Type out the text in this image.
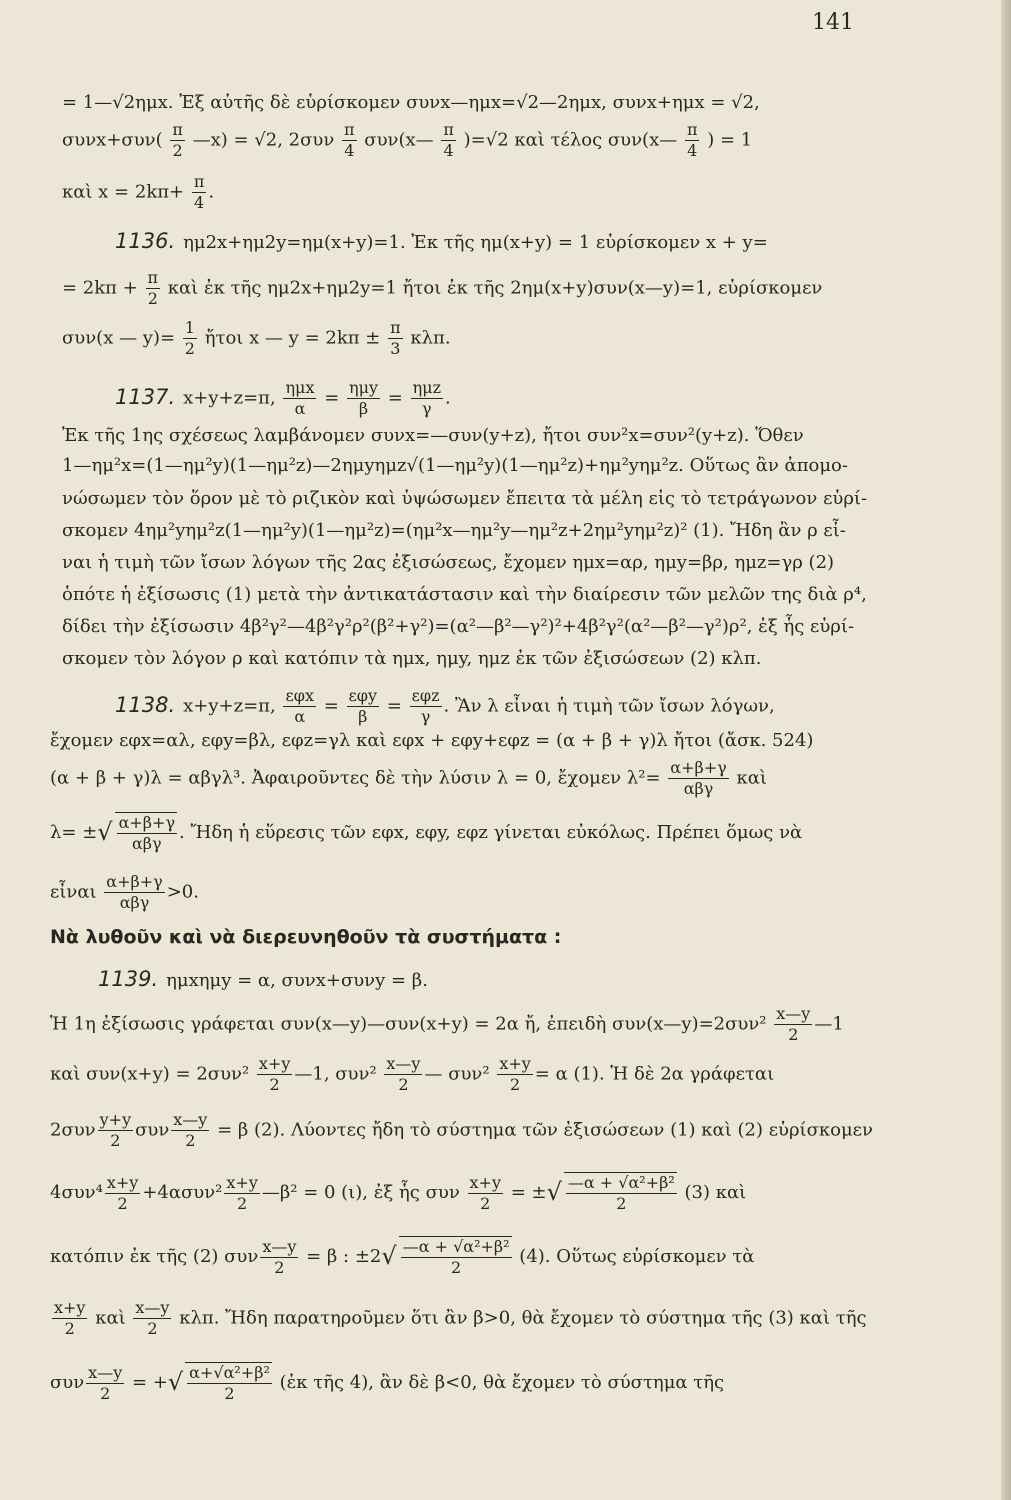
141
= 1—√2ημx. Ἐξ αὐτῆς δὲ εὑρίσκομεν συνx—ημx=√2—2ημx, συνx+ημx = √2,
$\sigma\upsilon\nu x+\sigma\upsilon\nu( \frac{\pi}{2}$ —x) = √2, $2\sigma\upsilon\nu \frac{\pi}{4}$ συν(x— $\frac{\pi}{4} )=√2$ καὶ τέλος συν(x— $\frac{\pi}{4}$ ) = 1
καὶ $x = 2k\pi+ \frac{\pi}{4}$ .
1136. ημ2x+ημ2y=ημ(x+y)=1. Ἐκ τῆς ημ(x+y) = 1 εὑρίσκομεν x + y=
= $2k\pi + \frac{\pi}{2}$ καὶ ἐκ τῆς ημ2x+ημ2y=1 ἤτοι ἐκ τῆς 2ημ(x+y)συν(x—y)=1, εὑρίσκομεν
συν(x — $y)= \frac{1}{2}$ ἤτοι x — $y = 2k\pi \pm \frac{\pi}{3} \kappa\lambda\pi$.
1137. x+y+z=π, ημx
α = ημy
β = ημz
γ .
Ἐκ τῆς 1ης σχέσεως λαμβάνομεν συνx=—συν(y+z), ἤτοι συν²x=συν²(y+z). Ὅθεν
1—ημ²x=(1—ημ²y)(1—ημ²z)—2ημyημz√(1—ημ²y)(1—ημ²z)+ημ²yημ²z. Οὕτως ἂν ἀπομο-
νώσωμεν τὸν ὅρον μὲ τὸ ριζικὸν καὶ ὑψώσωμεν ἔπειτα τὰ μέλη εἰς τὸ τετράγωνον εὑρί-
σκομεν 4ημ²yημ²z(1—ημ²y)(1—ημ²z)=(ημ²x—ημ²y—ημ²z+2ημ²yημ²z)² (1). Ἤδη ἂν ρ εἶ-
ναι ἡ τιμὴ τῶν ἴσων λόγων τῆς 2ας ἐξισώσεως, ἔχομεν ημx=αρ, ημy=βρ, ημz=γρ (2)
ὁπότε ἡ ἐξίσωσις (1) μετὰ τὴν ἀντικατάστασιν καὶ τὴν διαίρεσιν τῶν μελῶν της διὰ ρ⁴,
δίδει τὴν ἐξίσωσιν 4β²γ²—4β²γ²ρ²(β²+γ²)=(α²—β²—γ²)²+4β²γ²(α²—β²—γ²)ρ², ἐξ ἧς εὑρί-
σκομεν τὸν λόγον ρ καὶ κατόπιν τὰ ημx, ημy, ημz ἐκ τῶν ἐξισώσεων (2) κλπ.
1138. x+y+z=π, εφx
α = εφy
β = εφz
γ . Ἂν λ εἶναι ἡ τιμὴ τῶν ἴσων λόγων,
ἔχομεν εφx=αλ, εφy=βλ, εφz=γλ καὶ εφx + εφy+εφz = (α + β + γ)λ ἤτοι (ἄσκ. 524)
(α + β + γ)λ = αβγλ³. Ἀφαιροῦντες δὲ τὴν λύσιν λ = 0, ἔχομεν λ²= α+β+γ
αβγ	καὶ
λ= ±√ α+β+γ
αβγ
. Ἤδη ἡ εὕρεσις τῶν εφx, εφy, εφz γίνεται εὐκόλως. Πρέπει ὅμως νὰ
εἶναι α+β+γ
αβγ >0.
Νὰ λυθοῦν καὶ νὰ διερευνηθοῦν τὰ συστήματα :
1139. ημxημy = α, συνx+συνy = β.
Ἡ 1η ἐξίσωσις γράφεται συν(x—y)—συν(x+y) = 2α ἤ, ἐπειδὴ συν(x—y)=2συν² $\frac{x—y}{2}$ —1
καὶ $\sigma\upsilon\nu(x+y) = 2\sigma\upsilon\nu^2 \frac{x+y}{2}$ —1, $\sigma\upsilon\nu^2 \frac{x—y}{2}$ — $\sigma\upsilon\nu^2 \frac{x+y}{2} = \alpha$ (1). Ἡ δὲ 2α γράφεται
$2\sigma\upsilon\nu \frac{y+y}{2}$ συν $\frac{x—y}{2} = \beta$ (2). Λύοντες ἤδη τὸ σύστημα τῶν ἐξισώσεων (1) καὶ (2) εὑρίσκομεν
$4\sigma\upsilon\nu^4 \frac{x+y}{2} +4\alpha\sigma\upsilon\nu^2 \frac{x+y}{2}$ —β² = 0 (ι), ἐξ ἧς συν $\frac{x+y}{2}$ = ±√ $\frac{\text{—α + √α²+β²}}{2} (3)$ καὶ
κατόπιν ἐκ τῆς (2) συν $\frac{x—y}{2} = \beta$ : $\pm 2√ \frac{\text{—α + √α²+β²}}{2} (4)$. Οὕτως εὑρίσκομεν τὰ
$\frac{x+y}{2}$ καὶ $\frac{x—y}{2} \kappa\lambda\pi$. Ἤδη παρατηροῦμεν ὅτι ἂν β>0, θὰ ἔχομεν τὸ σύστημα τῆς (3) καὶ τῆς
συν $\frac{x—y}{2}$ = +√ $\frac{\text{α+√α²+β²}}{2}$ (ἐκ τῆς 4), ἂν δὲ β<0, θὰ ἔχομεν τὸ σύστημα τῆς
